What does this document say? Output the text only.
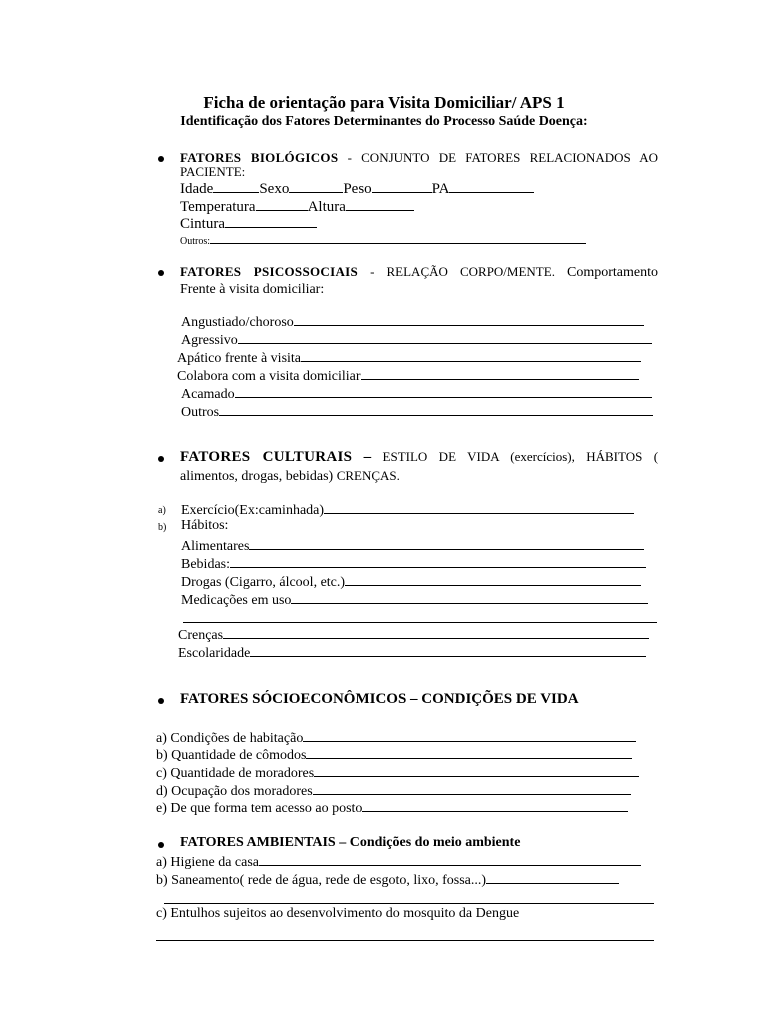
Ficha de orientação para Visita Domiciliar/ APS 1
Identificação dos Fatores Determinantes do Processo Saúde Doença:
FATORES BIOLÓGICOS - CONJUNTO DE FATORES RELACIONADOS AO
PACIENTE:
Idade	Sexo	Peso	PA
Temperatura	Altura
Cintura
Outros:
FATORES PSICOSSOCIAIS - RELAÇÃO CORPO/MENTE. Comportamento
Frente à visita domiciliar:
Angustiado/choroso
Agressivo
Apático frente à visita
Colabora com a visita domiciliar
Acamado
Outros
FATORES CULTURAIS – ESTILO DE VIDA (exercícios), HÁBITOS (
alimentos, drogas, bebidas) CRENÇAS.
a) Exercício(Ex:caminhada)
b) Hábitos:
Alimentares
Bebidas:
Drogas (Cigarro, álcool, etc.)
Medicações em uso
Crenças
Escolaridade
FATORES SÓCIOECONÔMICOS – CONDIÇÕES DE VIDA
a) Condições de habitação
b) Quantidade de cômodos
c) Quantidade de moradores
d) Ocupação dos moradores
e) De que forma tem acesso ao posto
FATORES AMBIENTAIS – Condições do meio ambiente
a) Higiene da casa
b) Saneamento( rede de água, rede de esgoto, lixo, fossa...)
c) Entulhos sujeitos ao desenvolvimento do mosquito da Dengue
